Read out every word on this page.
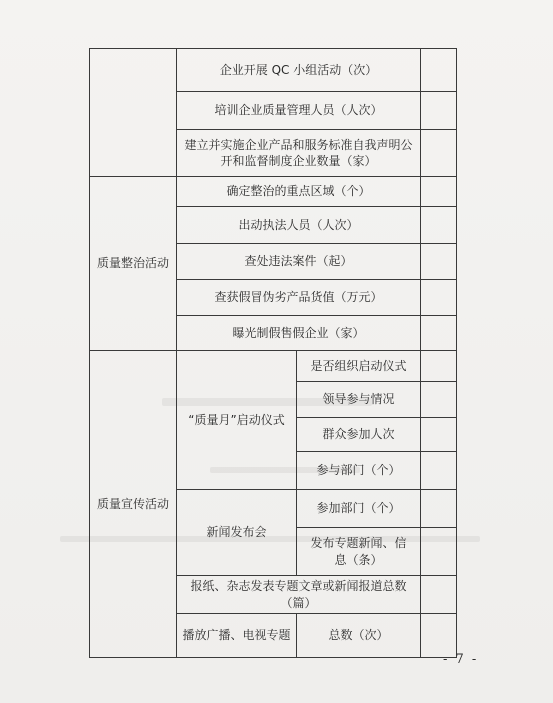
	企业开展 QC 小组活动（次）		
	培训企业质量管理人员（人次）		
	建立并实施企业产品和服务标准自我声明公开和监督制度企业数量（家）		
质量整治活动	确定整治的重点区域（个）		
	出动执法人员（人次）		
	查处违法案件（起）		
	查获假冒伪劣产品货值（万元）		
	曝光制假售假企业（家）		
质量宣传活动	“质量月”启动仪式	是否组织启动仪式	
		领导参与情况	
		群众参加人次	
		参与部门（个）	
	新闻发布会	参加部门（个）	
		发布专题新闻、信息（条）	
	报纸、杂志发表专题文章或新闻报道总数（篇）		
	播放广播、电视专题	总数（次）	
- 7 -
